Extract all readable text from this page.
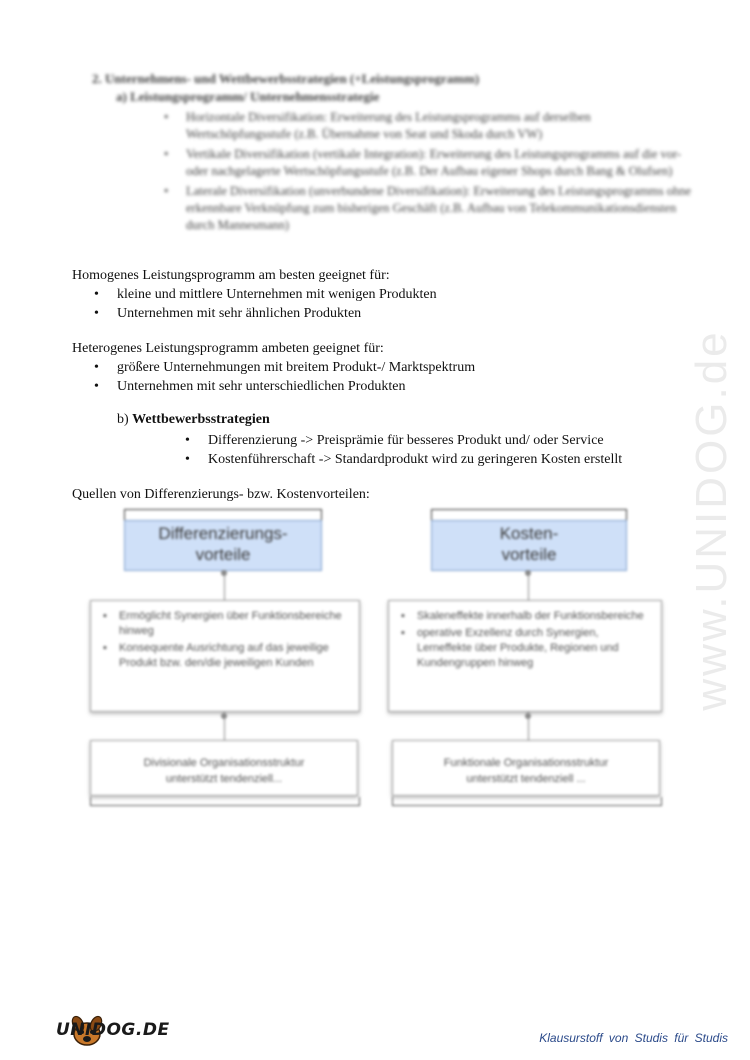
2. Unternehmens- und Wettbewerbsstrategien (+Leistungsprogramm)
a) Leistungsprogramm/ Unternehmensstrategie
• Horizontale Diversifikation: Erweiterung des Leistungsprogramms auf derselben Wertschöpfungsstufe (z.B. Übernahme von Seat und Skoda durch VW)
• Vertikale Diversifikation (vertikale Integration): Erweiterung des Leistungsprogramms auf die vor- oder nachgelagerte Wertschöpfungsstufe (z.B. Der Aufbau eigener Shops durch Bang & Olufsen)
• Laterale Diversifikation (unverbundene Diversifikation): Erweiterung des Leistungsprogramms ohne erkennbare Verknüpfung zum bisherigen Geschäft (z.B. Aufbau von Telekommunikationsdiensten durch Mannesmann)
Homogenes Leistungsprogramm am besten geeignet für:
• kleine und mittlere Unternehmen mit wenigen Produkten
• Unternehmen mit sehr ähnlichen Produkten
Heterogenes Leistungsprogramm ambeten geeignet für:
• größere Unternehmungen mit breitem Produkt-/ Marktspektrum
• Unternehmen mit sehr unterschiedlichen Produkten
b) Wettbewerbsstrategien
• Differenzierung -> Preisprämie für besseres Produkt und/ oder Service
• Kostenführerschaft -> Standardprodukt wird zu geringeren Kosten erstellt
Quellen von Differenzierungs- bzw. Kostenvorteilen:
Differenzierungs-
vorteile
▪ Ermöglicht Synergien über Funktionsbereiche hinweg
▪ Konsequente Ausrichtung auf das jeweilige Produkt bzw. den/die jeweiligen Kunden
Divisionale Organisationsstruktur
unterstützt tendenziell...
Kosten-
vorteile
▪ Skaleneffekte innerhalb der Funktionsbereiche
▪ operative Exzellenz durch Synergien, Lerneffekte über Produkte, Regionen und Kundengruppen hinweg
Funktionale Organisationsstruktur
unterstützt tendenziell ...
www.UNIDOG.de
UNIDOG.DE	Klausurstoff von Studis für Studis
